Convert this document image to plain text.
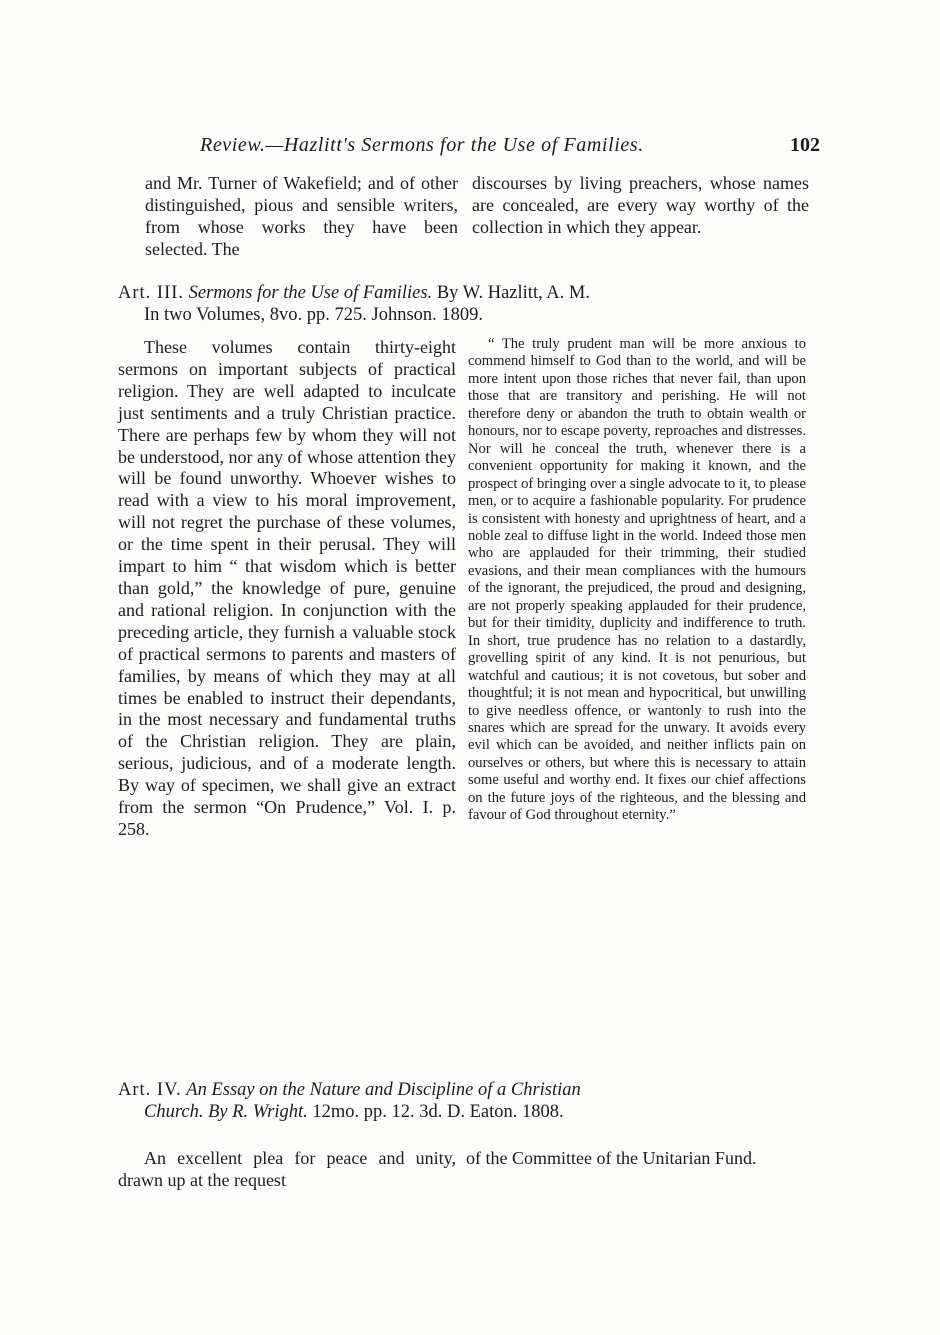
Review.—Hazlitt's Sermons for the Use of Families.	102
and Mr. Turner of Wakefield; and of other distinguished, pious and sensible writers, from whose works they have been selected. The
discourses by living preachers, whose names are concealed, are every way worthy of the collection in which they appear.
Art. III. Sermons for the Use of Families. By W. Hazlitt, A. M.
In two Volumes, 8vo. pp. 725. Johnson. 1809.

These volumes contain thirty-eight sermons on important subjects of practical religion. They are well adapted to inculcate just sentiments and a truly Christian practice. There are perhaps few by whom they will not be understood, nor any of whose attention they will be found unworthy. Whoever wishes to read with a view to his moral improvement, will not regret the purchase of these volumes, or the time spent in their perusal. They will impart to him “ that wisdom which is better than gold,” the knowledge of pure, genuine and rational religion. In conjunction with the preceding article, they furnish a valuable stock of practical sermons to parents and masters of families, by means of which they may at all times be enabled to instruct their dependants, in the most necessary and fundamental truths of the Christian religion. They are plain, serious, judicious, and of a moderate length. By way of specimen, we shall give an extract from the sermon “On Prudence,” Vol. I. p. 258.

“ The truly prudent man will be more anxious to commend himself to God than to the world, and will be more intent upon those riches that never fail, than upon those that are transitory and perishing. He will not therefore deny or abandon the truth to obtain wealth or honours, nor to escape poverty, reproaches and distresses. Nor will he conceal the truth, whenever there is a convenient opportunity for making it known, and the prospect of bringing over a single advocate to it, to please men, or to acquire a fashionable popularity. For prudence is consistent with honesty and uprightness of heart, and a noble zeal to diffuse light in the world. Indeed those men who are applauded for their trimming, their studied evasions, and their mean compliances with the humours of the ignorant, the prejudiced, the proud and designing, are not properly speaking applauded for their prudence, but for their timidity, duplicity and indifference to truth. In short, true prudence has no relation to a dastardly, grovelling spirit of any kind. It is not penurious, but watchful and cautious; it is not covetous, but sober and thoughtful; it is not mean and hypocritical, but unwilling to give needless offence, or wantonly to rush into the snares which are spread for the unwary. It avoids every evil which can be avoided, and neither inflicts pain on ourselves or others, but where this is necessary to attain some useful and worthy end. It fixes our chief affections on the future joys of the righteous, and the blessing and favour of God throughout eternity.”

Art. IV. An Essay on the Nature and Discipline of a Christian
Church. By R. Wright. 12mo. pp. 12. 3d. D. Eaton. 1808.

An excellent plea for peace and unity, drawn up at the request

of the Committee of the Unitarian Fund.
